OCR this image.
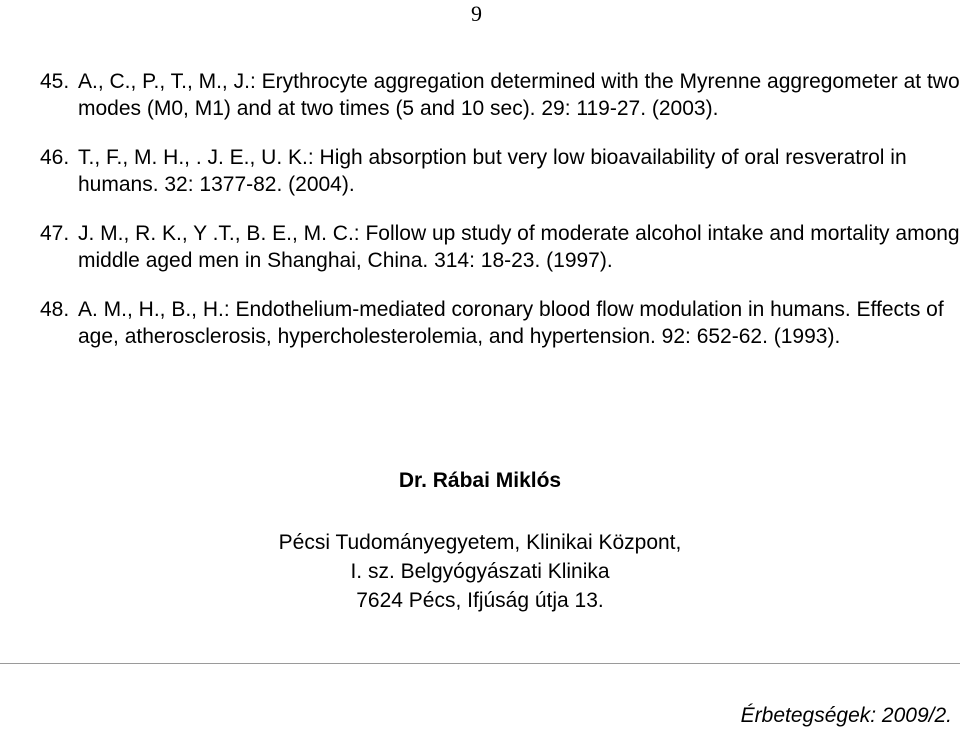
9
45. A., C., P., T., M., J.: Erythrocyte aggregation determined with the Myrenne aggregometer at two modes (M0, M1) and at two times (5 and 10 sec). 29: 119-27. (2003).
46. T., F., M. H., . J. E., U. K.: High absorption but very low bioavailability of oral resveratrol in humans. 32: 1377-82. (2004).
47. J. M., R. K., Y .T., B. E., M. C.: Follow up study of moderate alcohol intake and mortality among middle aged men in Shanghai, China. 314: 18-23. (1997).
48. A. M., H., B., H.: Endothelium-mediated coronary blood flow modulation in humans. Effects of age, atherosclerosis, hypercholesterolemia, and hypertension. 92: 652-62. (1993).
Dr. Rábai Miklós
Pécsi Tudományegyetem, Klinikai Központ,
I. sz. Belgyógyászati Klinika
7624 Pécs, Ifjúság útja 13.
Érbetegségek: 2009/2.
